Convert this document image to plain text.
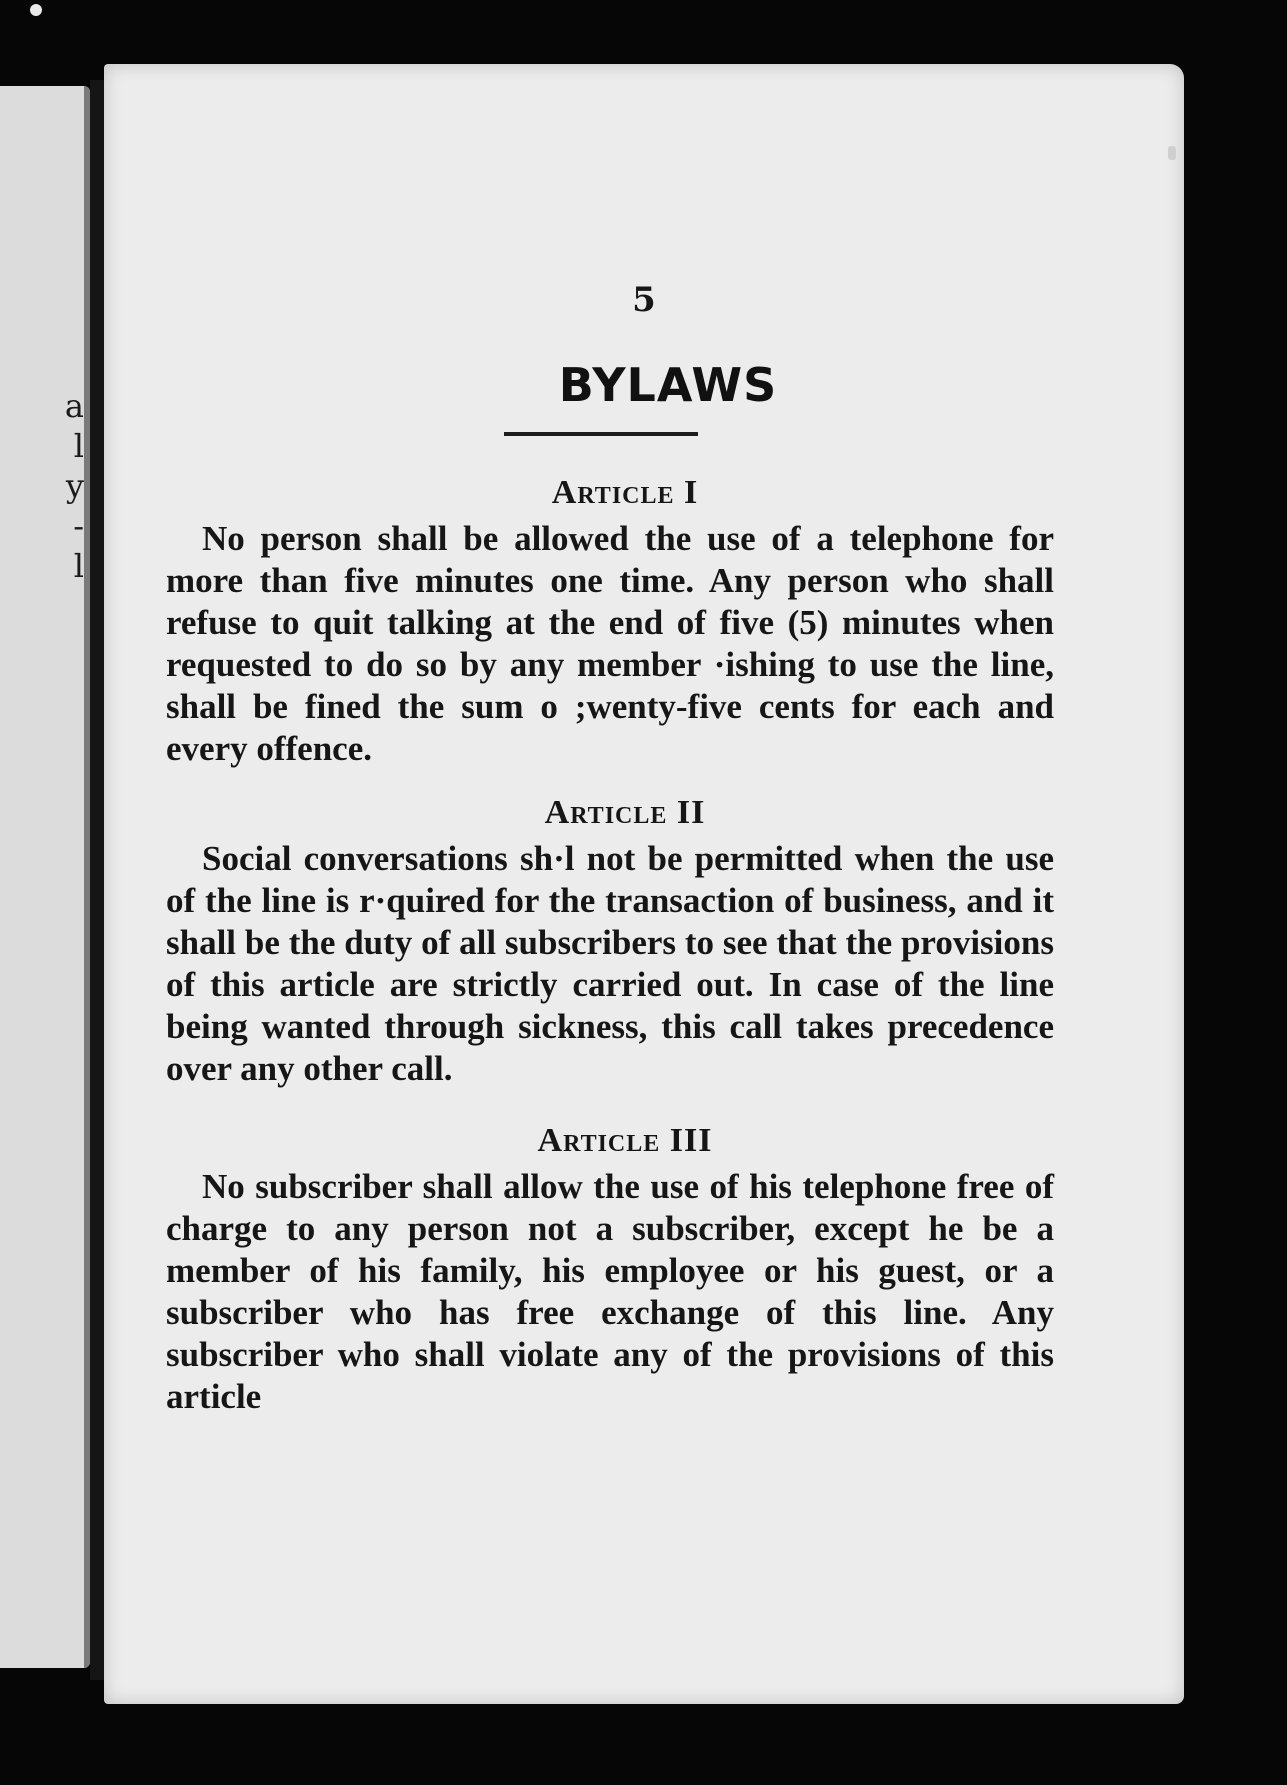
a
l
y
-
l
5
BYLAWS
Article I

No person shall be allowed the use of a telephone for more than five minutes one time. Any person who shall refuse to quit talking at the end of five (5) minutes when requested to do so by any member ·ishing to use the line, shall be fined the sum o ;wenty-five cents for each and every offence.

Article II

Social conversations sh·l not be permitted when the use of the line is r·quired for the transaction of business, and it shall be the duty of all subscribers to see that the provisions of this article are strictly carried out. In case of the line being wanted through sickness, this call takes precedence over any other call.

Article III

No subscriber shall allow the use of his telephone free of charge to any person not a subscriber, except he be a member of his family, his employee or his guest, or a subscriber who has free exchange of this line. Any subscriber who shall violate any of the provisions of this article
